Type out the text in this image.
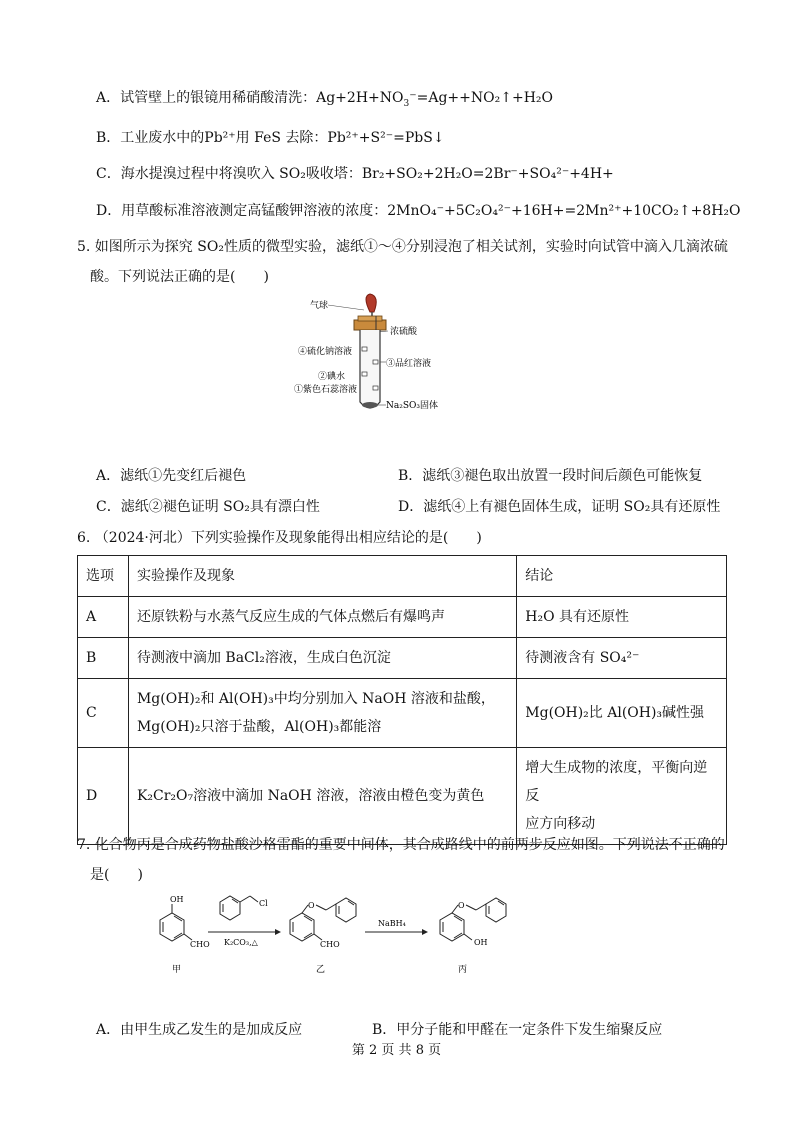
A．试管壁上的银镜用稀硝酸清洗：$Ag+2H+NO_3^-=Ag++NO_2↑+H_2O$
B．工业废水中的Pb²⁺用 FeS 去除：Pb²⁺+S²⁻=PbS↓
C．海水提溴过程中将溴吹入 SO₂吸收塔：Br₂+SO₂+2H₂O=2Br⁻+SO₄²⁻+4H+
D．用草酸标准溶液测定高锰酸钾溶液的浓度：2MnO₄⁻+5C₂O₄²⁻+16H+=2Mn²⁺+10CO₂↑+8H₂O
5. 如图所示为探究 SO₂性质的微型实验，滤纸①～④分别浸泡了相关试剂，实验时向试管中滴入几滴浓硫
酸。下列说法正确的是(　　)
气球
浓硫酸
④硫化钠溶液
③品红溶液
②碘水
①紫色石蕊溶液
Na₂SO₃固体
A．滤纸①先变红后褪色	B．滤纸③褪色取出放置一段时间后颜色可能恢复
C．滤纸②褪色证明 SO₂具有漂白性	D．滤纸④上有褪色固体生成，证明 SO₂具有还原性
6. （2024·河北）下列实验操作及现象能得出相应结论的是(　　)
选项	实验操作及现象	结论
A	还原铁粉与水蒸气反应生成的气体点燃后有爆鸣声	H₂O 具有还原性

B	待测液中滴加 BaCl₂溶液，生成白色沉淀	待测液含有 SO₄²⁻

C	Mg(OH)₂和 Al(OH)₃中均分别加入 NaOH 溶液和盐酸，
Mg(OH)₂只溶于盐酸，Al(OH)₃都能溶	Mg(OH)₂比 Al(OH)₃碱性强

D	K₂Cr₂O₇溶液中滴加 NaOH 溶液，溶液由橙色变为黄色	增大生成物的浓度，平衡向逆反
应方向移动
7. 化合物丙是合成药物盐酸沙格雷酯的重要中间体，其合成路线中的前两步反应如图。下列说法不正确的
是(　　)
OH
CHO
甲
Cl
K₂CO₃,△
O
CHO
乙
NaBH₄
O
OH
丙
A．由甲生成乙发生的是加成反应	B．甲分子能和甲醛在一定条件下发生缩聚反应
第 2 页 共 8 页
